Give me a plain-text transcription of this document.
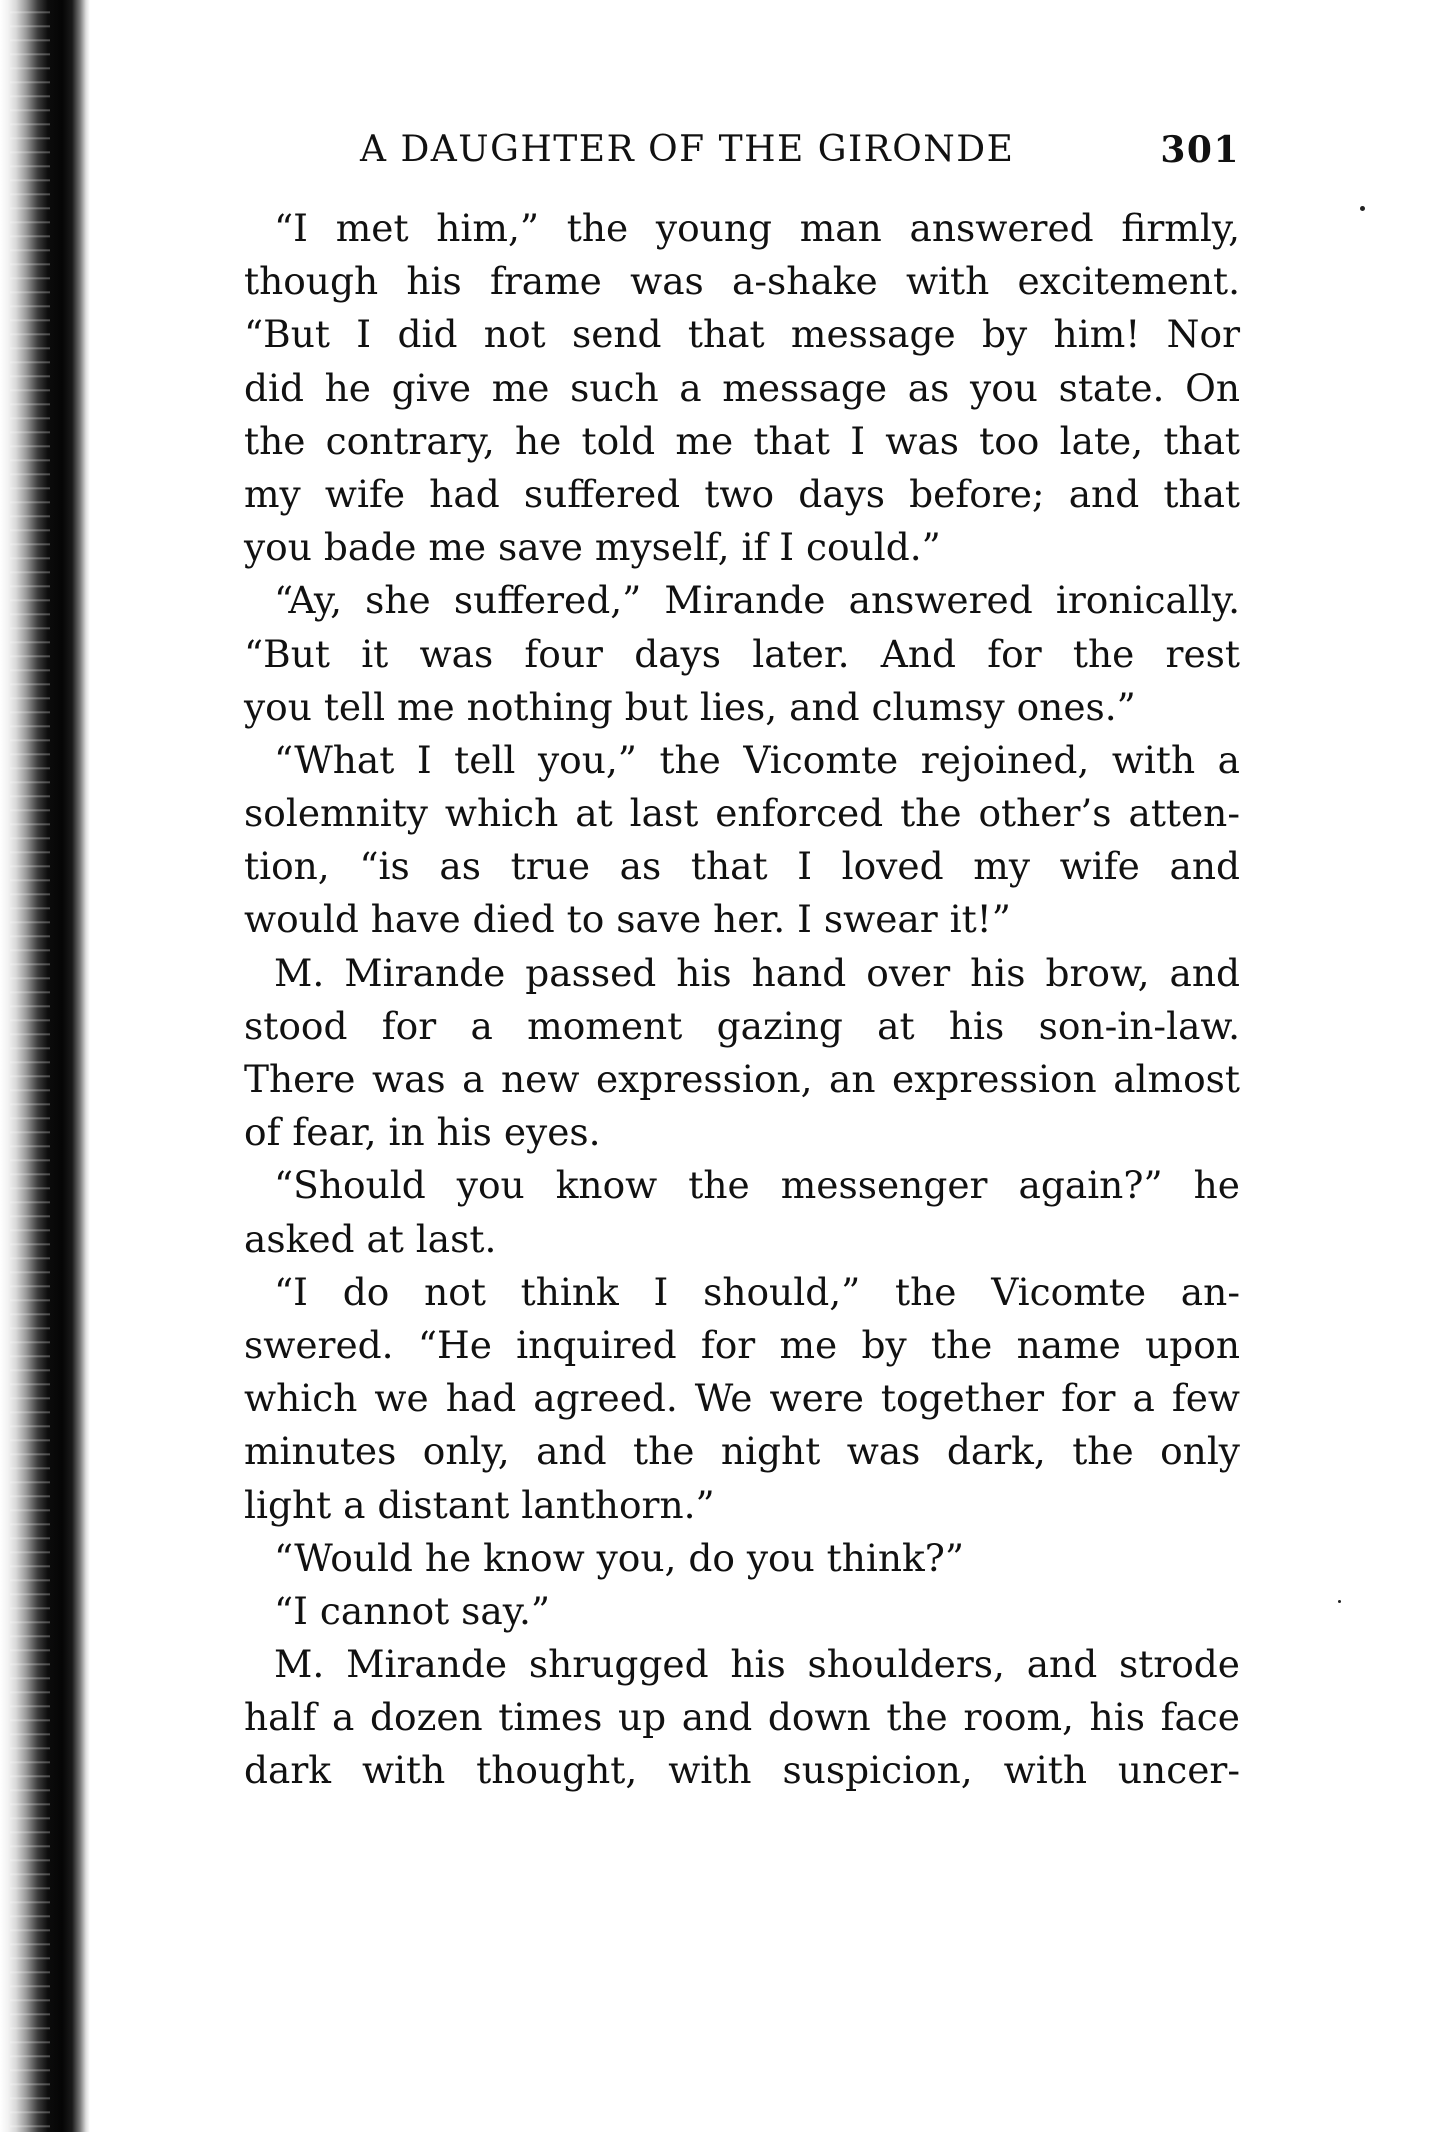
A DAUGHTER OF THE GIRONDE	301
“I met him,” the young man answered firmly,
though his frame was a-shake with excitement.
“But I did not send that message by him! Nor
did he give me such a message as you state. On
the contrary, he told me that I was too late, that
my wife had suffered two days before; and that
you bade me save myself, if I could.”
“Ay, she suffered,” Mirande answered ironically.
“But it was four days later. And for the rest
you tell me nothing but lies, and clumsy ones.”
“What I tell you,” the Vicomte rejoined, with a
solemnity which at last enforced the other’s atten-
tion, “is as true as that I loved my wife and
would have died to save her. I swear it!”
M. Mirande passed his hand over his brow, and
stood for a moment gazing at his son-in-law.
There was a new expression, an expression almost
of fear, in his eyes.
“Should you know the messenger again?” he
asked at last.
“I do not think I should,” the Vicomte an-
swered. “He inquired for me by the name upon
which we had agreed. We were together for a few
minutes only, and the night was dark, the only
light a distant lanthorn.”
“Would he know you, do you think?”
“I cannot say.”
M. Mirande shrugged his shoulders, and strode
half a dozen times up and down the room, his face
dark with thought, with suspicion, with uncer-
